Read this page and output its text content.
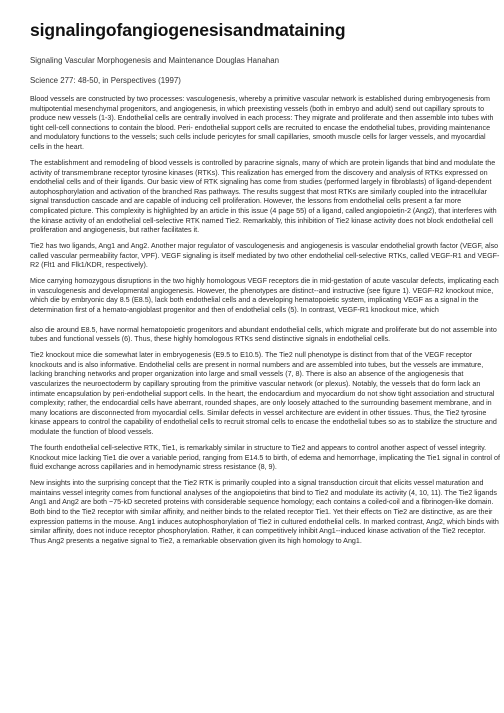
signalingofangiogenesisandmataining

Signaling Vascular Morphogenesis and Maintenance Douglas Hanahan

Science 277: 48-50, in Perspectives (1997)

Blood vessels are constructed by two processes: vasculogenesis, whereby a primitive vascular network is established during embryogenesis from multipotential mesenchymal progenitors, and angiogenesis, in which preexisting vessels (both in embryo and adult) send out capillary sprouts to produce new vessels (1-3). Endothelial cells are centrally involved in each process: They migrate and proliferate and then assemble into tubes with tight cell-cell connections to contain the blood. Peri- endothelial support cells are recruited to encase the endothelial tubes, providing maintenance and modulatory functions to the vessels; such cells include pericytes for small capillaries, smooth muscle cells for larger vessels, and myocardial cells in the heart.

The establishment and remodeling of blood vessels is controlled by paracrine signals, many of which are protein ligands that bind and modulate the activity of transmembrane receptor tyrosine kinases (RTKs). This realization has emerged from the discovery and analysis of RTKs expressed on endothelial cells and of their ligands. Our basic view of RTK signaling has come from studies (performed largely in fibroblasts) of ligand-dependent autophosphorylation and activation of the branched Ras pathways. The results suggest that most RTKs are similarly coupled into the intracellular signal transduction cascade and are capable of inducing cell proliferation. However, the lessons from endothelial cells present a far more complicated picture. This complexity is highlighted by an article in this issue (4 page 55) of a ligand, called angiopoietin-2 (Ang2), that interferes with the kinase activity of an endothelial cell-selective RTK named Tie2. Remarkably, this inhibition of Tie2 kinase activity does not block endothelial cell proliferation and angiogenesis, but rather facilitates it.

Tie2 has two ligands, Ang1 and Ang2. Another major regulator of vasculogenesis and angiogenesis is vascular endothelial growth factor (VEGF, also called vascular permeability factor, VPF). VEGF signaling is itself mediated by two other endothelial cell-selective RTKs, called VEGF-R1 and VEGF-R2 (Flt1 and Flk1/KDR, respectively).

Mice carrying homozygous disruptions in the two highly homologous VEGF receptors die in mid-gestation of acute vascular defects, implicating each in vasculogenesis and developmental angiogenesis. However, the phenotypes are distinct--and instructive (see figure 1). VEGF-R2 knockout mice, which die by embryonic day 8.5 (E8.5), lack both endothelial cells and a developing hematopoietic system, implicating VEGF as a signal in the determination first of a hemato-angioblast progenitor and then of endothelial cells (5). In contrast, VEGF-R1 knockout mice, which

also die around E8.5, have normal hematopoietic progenitors and abundant endothelial cells, which migrate and proliferate but do not assemble into tubes and functional vessels (6). Thus, these highly homologous RTKs send distinctive signals in endothelial cells.

Tie2 knockout mice die somewhat later in embryogenesis (E9.5 to E10.5). The Tie2 null phenotype is distinct from that of the VEGF receptor knockouts and is also informative. Endothelial cells are present in normal numbers and are assembled into tubes, but the vessels are immature, lacking branching networks and proper organization into large and small vessels (7, 8). There is also an absence of the angiogenesis that vascularizes the neuroectoderm by capillary sprouting from the primitive vascular network (or plexus). Notably, the vessels that do form lack an intimate encapsulation by peri-endothelial support cells. In the heart, the endocardium and myocardium do not show tight association and structural complexity; rather, the endocardial cells have aberrant, rounded shapes, are only loosely attached to the surrounding basement membrane, and in many locations are disconnected from myocardial cells. Similar defects in vessel architecture are evident in other tissues. Thus, the Tie2 tyrosine kinase appears to control the capability of endothelial cells to recruit stromal cells to encase the endothelial tubes so as to stabilize the structure and modulate the function of blood vessels.

The fourth endothelial cell-selective RTK, Tie1, is remarkably similar in structure to Tie2 and appears to control another aspect of vessel integrity. Knockout mice lacking Tie1 die over a variable period, ranging from E14.5 to birth, of edema and hemorrhage, implicating the Tie1 signal in control of fluid exchange across capillaries and in hemodynamic stress resistance (8, 9).

New insights into the surprising concept that the Tie2 RTK is primarily coupled into a signal transduction circuit that elicits vessel maturation and maintains vessel integrity comes from functional analyses of the angiopoietins that bind to Tie2 and modulate its activity (4, 10, 11). The Tie2 ligands Ang1 and Ang2 are both ~75-kD secreted proteins with considerable sequence homology; each contains a coiled-coil and a fibrinogen-like domain. Both bind to the Tie2 receptor with similar affinity, and neither binds to the related receptor Tie1. Yet their effects on Tie2 are distinctive, as are their expression patterns in the mouse. Ang1 induces autophosphorylation of Tie2 in cultured endothelial cells. In marked contrast, Ang2, which binds with similar affinity, does not induce receptor phosphorylation. Rather, it can competitively inhibit Ang1--induced kinase activation of the Tie2 receptor. Thus Ang2 presents a negative signal to Tie2, a remarkable observation given its high homology to Ang1.
